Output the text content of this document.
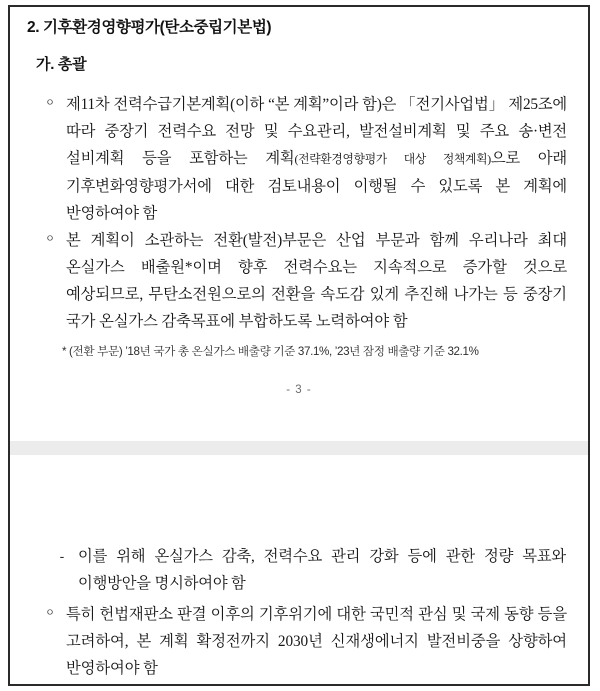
2. 기후환경영향평가(탄소중립기본법)
가. 총괄
ㅇ 제11차 전력수급기본계획(이하 “본 계획”이라 함)은 「전기사업법」 제25조에 따라 중장기 전력수요 전망 및 수요관리, 발전설비계획 및 주요 송·변전 설비계획 등을 포함하는 계획(전략환경영향평가 대상 정책계획)으로 아래 기후변화영향평가서에 대한 검토내용이 이행될 수 있도록 본 계획에 반영하여야 함
ㅇ 본 계획이 소관하는 전환(발전)부문은 산업 부문과 함께 우리나라 최대 온실가스 배출원*이며 향후 전력수요는 지속적으로 증가할 것으로 예상되므로, 무탄소전원으로의 전환을 속도감 있게 추진해 나가는 등 중장기 국가 온실가스 감축목표에 부합하도록 노력하여야 함
* (전환 부문) ’18년 국가 총 온실가스 배출량 기준 37.1%, ’23년 잠정 배출량 기준 32.1%
- 3 -
- 이를 위해 온실가스 감축, 전력수요 관리 강화 등에 관한 정량 목표와 이행방안을 명시하여야 함
ㅇ 특히 헌법재판소 판결 이후의 기후위기에 대한 국민적 관심 및 국제 동향 등을 고려하여, 본 계획 확정전까지 2030년 신재생에너지 발전비중을 상향하여 반영하여야 함
